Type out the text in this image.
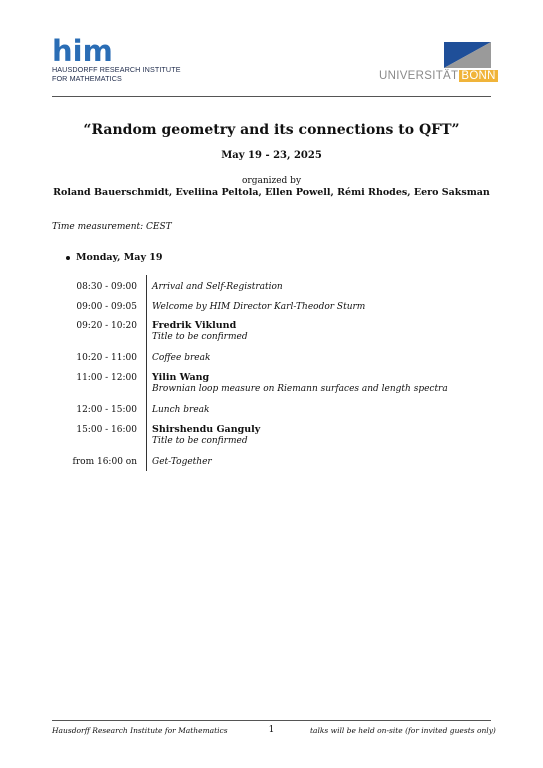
him
HAUSDORFF RESEARCH INSTITUTE
FOR MATHEMATICS	UNIVERSITÄT BONN
“Random geometry and its connections to QFT”
May 19 - 23, 2025
organized by
Roland Bauerschmidt, Eveliina Peltola, Ellen Powell, Rémi Rhodes, Eero Saksman
Time measurement: CEST
Monday, May 19
08:30 - 09:00 Arrival and Self-Registration
09:00 - 09:05 Welcome by HIM Director Karl-Theodor Sturm
09:20 - 10:20 Fredrik Viklund
Title to be confirmed
10:20 - 11:00 Coffee break
11:00 - 12:00 Yilin Wang
Brownian loop measure on Riemann surfaces and length spectra
12:00 - 15:00 Lunch break
15:00 - 16:00 Shirshendu Ganguly
Title to be confirmed
from 16:00 on Get-Together
Hausdorff Research Institute for Mathematics	1	talks will be held on-site (for invited guests only)
